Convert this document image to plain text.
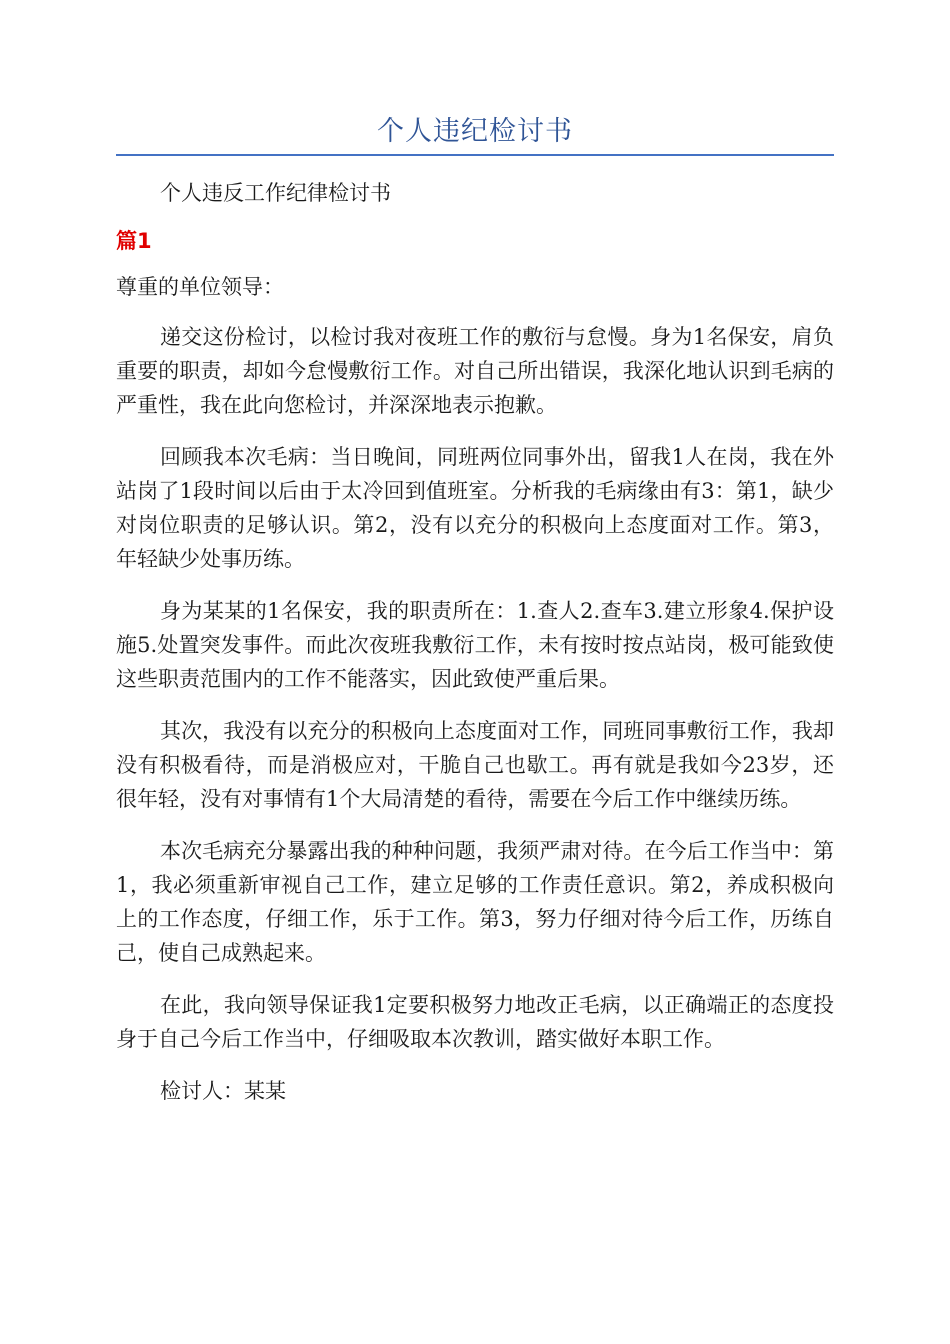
个人违纪检讨书

个人违反工作纪律检讨书

篇1

尊重的单位领导：

递交这份检讨，以检讨我对夜班工作的敷衍与怠慢。身为1名保安，肩负重要的职责，却如今怠慢敷衍工作。对自己所出错误，我深化地认识到毛病的严重性，我在此向您检讨，并深深地表示抱歉。

回顾我本次毛病：当日晚间，同班两位同事外出，留我1人在岗，我在外站岗了1段时间以后由于太冷回到值班室。分析我的毛病缘由有3：第1，缺少对岗位职责的足够认识。第2，没有以充分的积极向上态度面对工作。第3，年轻缺少处事历练。

身为某某的1名保安，我的职责所在：1.查人2.查车3.建立形象4.保护设施5.处置突发事件。而此次夜班我敷衍工作，未有按时按点站岗，极可能致使这些职责范围内的工作不能落实，因此致使严重后果。

其次，我没有以充分的积极向上态度面对工作，同班同事敷衍工作，我却没有积极看待，而是消极应对，干脆自己也歇工。再有就是我如今23岁，还很年轻，没有对事情有1个大局清楚的看待，需要在今后工作中继续历练。

本次毛病充分暴露出我的种种问题，我须严肃对待。在今后工作当中：第1，我必须重新审视自己工作，建立足够的工作责任意识。第2，养成积极向上的工作态度，仔细工作，乐于工作。第3，努力仔细对待今后工作，历练自己，使自己成熟起来。

在此，我向领导保证我1定要积极努力地改正毛病，以正确端正的态度投身于自己今后工作当中，仔细吸取本次教训，踏实做好本职工作。

检讨人：某某
